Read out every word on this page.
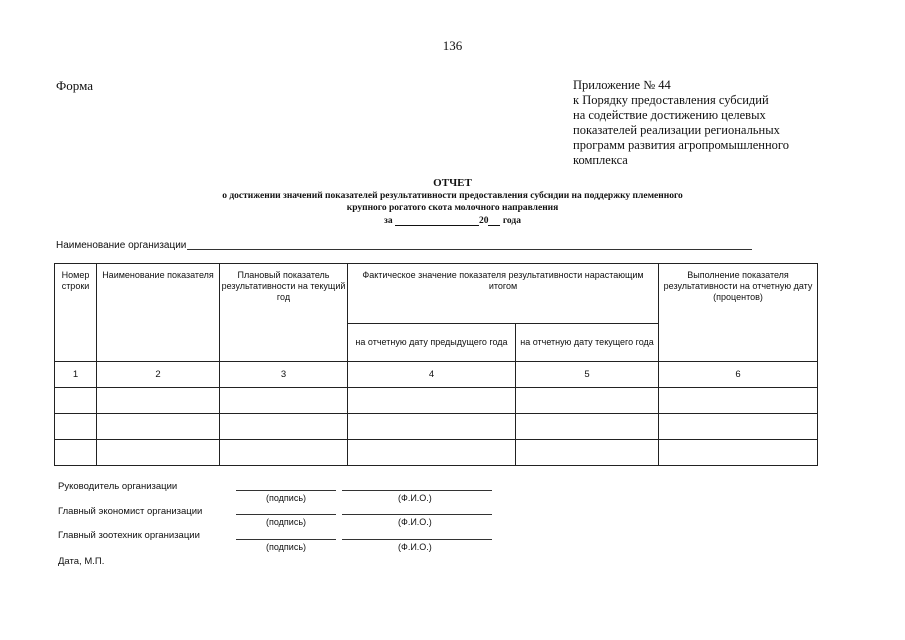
136
Форма	Приложение № 44
к Порядку предоставления субсидий
на содействие достижению целевых
показателей реализации региональных
программ развития агропромышленного
комплекса
ОТЧЕТ
о достижении значений показателей результативности предоставления субсидии на поддержку племенного
крупного рогатого скота молочного направления
за	20 года
Наименование организации
Номер строки	Наименование показателя	Плановый показатель результативности на текущий год	Фактическое значение показателя результативности нарастающим итогом		Выполнение показателя результативности на отчетную дату (процентов)
			на отчетную дату предыдущего года	на отчетную дату текущего года	
1	2	3	4	5	6

Руководитель организации
(подпись)	(Ф.И.О.)
Главный экономист организации
(подпись)	(Ф.И.О.)
Главный зоотехник организации
(подпись)	(Ф.И.О.)
Дата, М.П.
